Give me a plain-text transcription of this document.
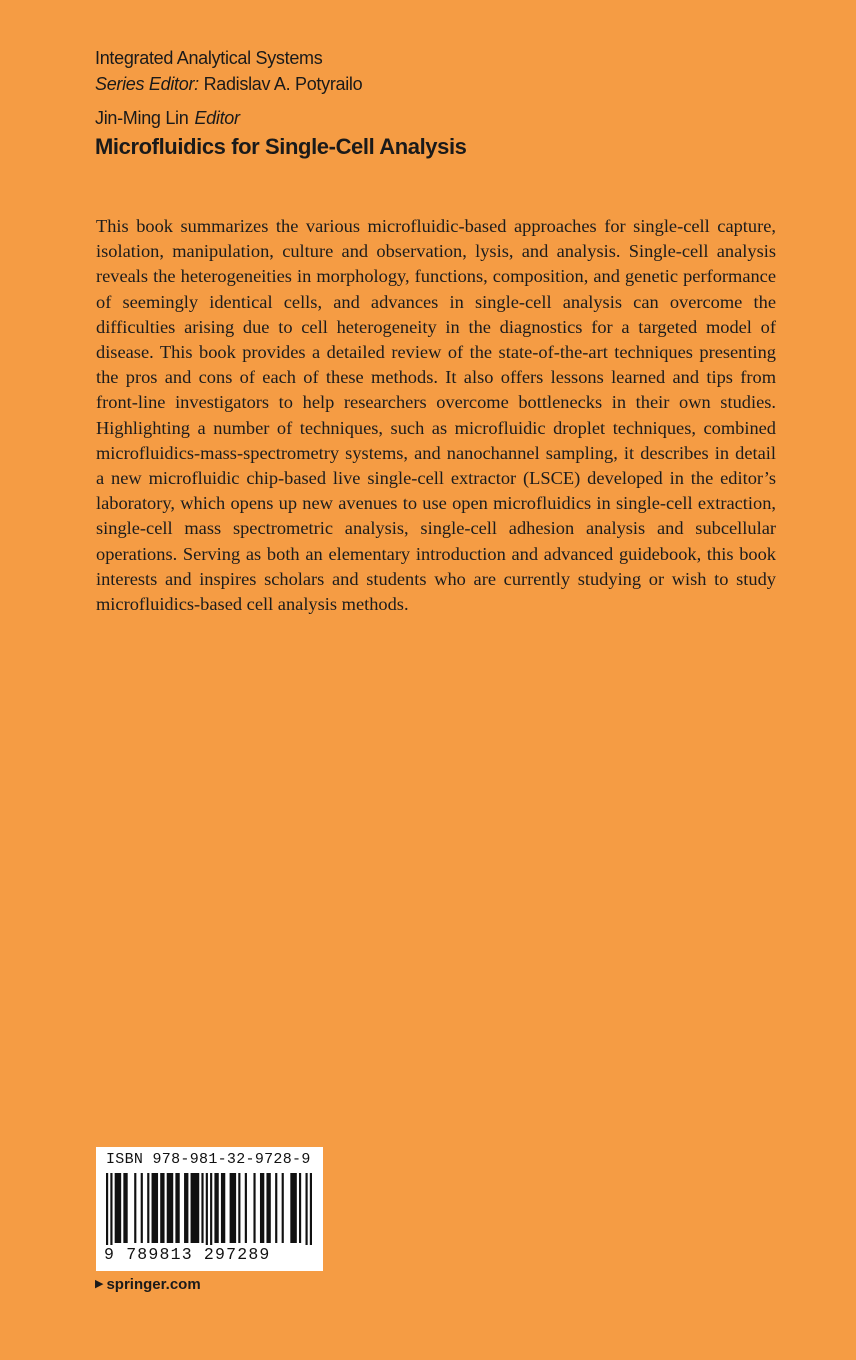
Integrated Analytical Systems
Series Editor: Radislav A. Potyrailo
Jin-Ming Lin Editor
Microfluidics for Single-Cell Analysis

This book summarizes the various microfluidic-based approaches for single-cell capture, isolation, manipulation, culture and observation, lysis, and analysis. Single-cell analysis reveals the heterogeneities in morphology, functions, composition, and genetic performance of seemingly identical cells, and advances in single-cell analysis can overcome the difficulties arising due to cell heterogeneity in the diagnostics for a targeted model of disease. This book provides a detailed review of the state-of-the-art techniques presenting the pros and cons of each of these methods. It also offers lessons learned and tips from front-line investigators to help researchers overcome bottlenecks in their own studies. Highlighting a number of techniques, such as microfluidic droplet techniques, combined microfluidics-mass-spectrometry systems, and nanochannel sampling, it describes in detail a new microfluidic chip-based live single-cell extractor (LSCE) developed in the editor’s laboratory, which opens up new avenues to use open microfluidics in single-cell extraction, single-cell mass spectrometric analysis, single-cell adhesion analysis and subcellular operations. Serving as both an elementary introduction and advanced guidebook, this book interests and inspires scholars and students who are currently studying or wish to study microfluidics-based cell analysis methods.

ISBN 978-981-32-9728-9
9 789813 297289
▶ springer.com
